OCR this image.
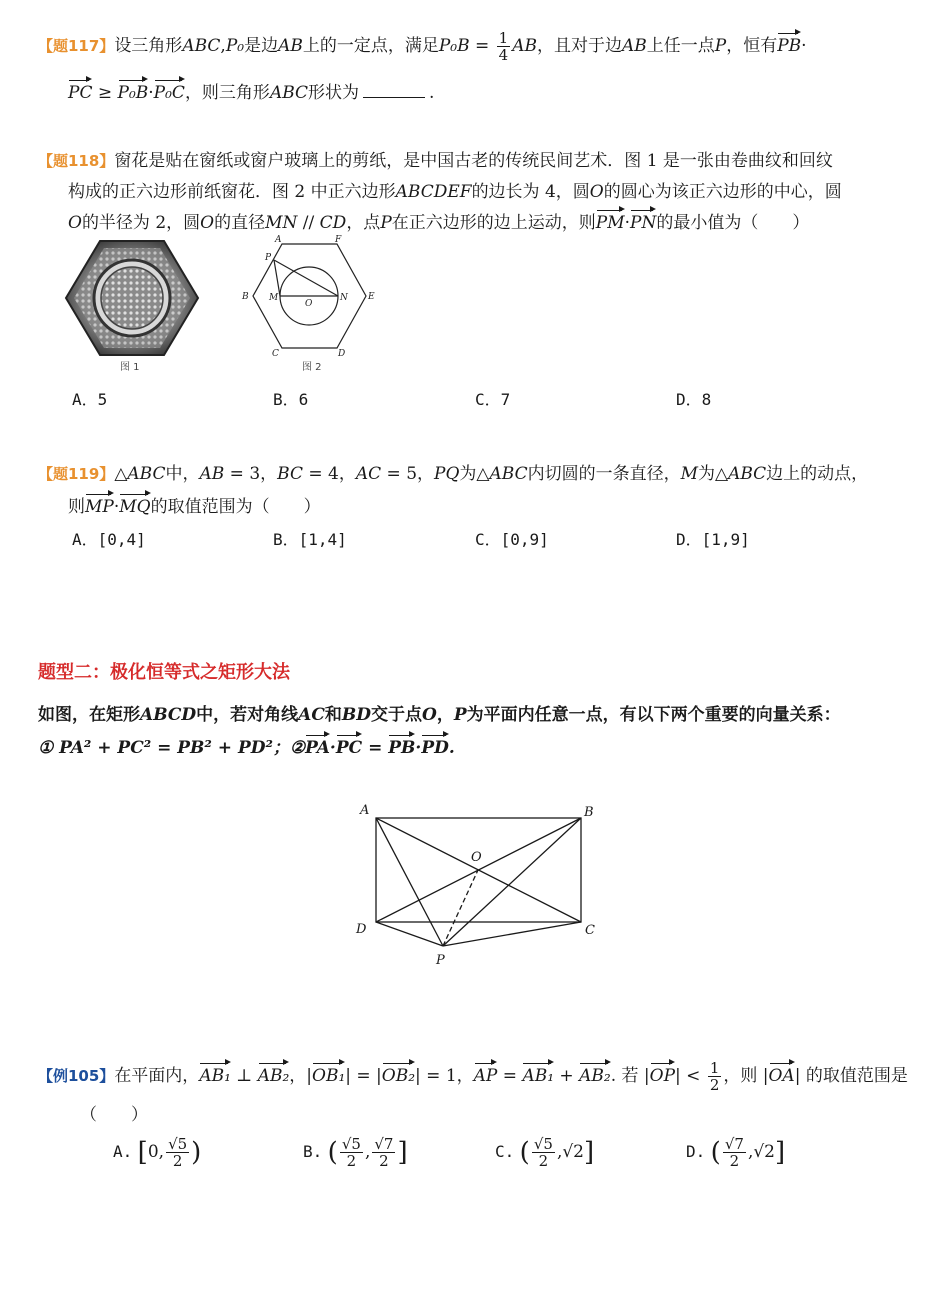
【题117】设三角形ABC,P₀是边AB上的一定点，满足$P_0B = \frac{1}{4}$ AB，且对于边AB上任一点P，恒有PB·
PC ≥ P₀B·P₀C，则三角形ABC形状为	.
【题118】窗花是贴在窗纸或窗户玻璃上的剪纸，是中国古老的传统民间艺术．图 1 是一张由卷曲纹和回纹
构成的正六边形前纸窗花．图 2 中正六边形ABCDEF的边长为 4，圆O的圆心为该正六边形的中心，圆
O的半径为 2，圆O的直径MN // CD，点P在正六边形的边上运动，则PM·PN的最小值为（　　）
图 1
A	F
P
B M
O
N E
C	D
图 2
A．5	B．6	C．7	D．8
【题119】△ABC中，AB = 3，BC = 4，AC = 5，PQ为△ABC内切圆的一条直径，M为△ABC边上的动点，
则MP·MQ的取值范围为（　　）
A．[0,4]	B．[1,4]	C．[0,9]	D．[1,9]
题型二：极化恒等式之矩形大法
如图，在矩形ABCD中，若对角线AC和BD交于点O，P为平面内任意一点，有以下两个重要的向量关系：
① PA² + PC² = PB² + PD²；②PA·PC = PB·PD.
A	B
O
D	C
P
【例105】在平面内，AB₁ ⊥ AB₂，|OB₁| = |OB₂| = 1，AP = AB₁ + AB₂. 若 $|OP| < \frac{1}{2}$ ，则 |OA| 的取值范围是
（　　）
A. [0, $\frac{√5}{2}$ )	B. ( $\frac{√5}{2}$ , $\frac{√7}{2}$ ]	C. ( $\frac{√5}{2} ,√2$]	D. ( $\frac{√7}{2} ,√2$]
